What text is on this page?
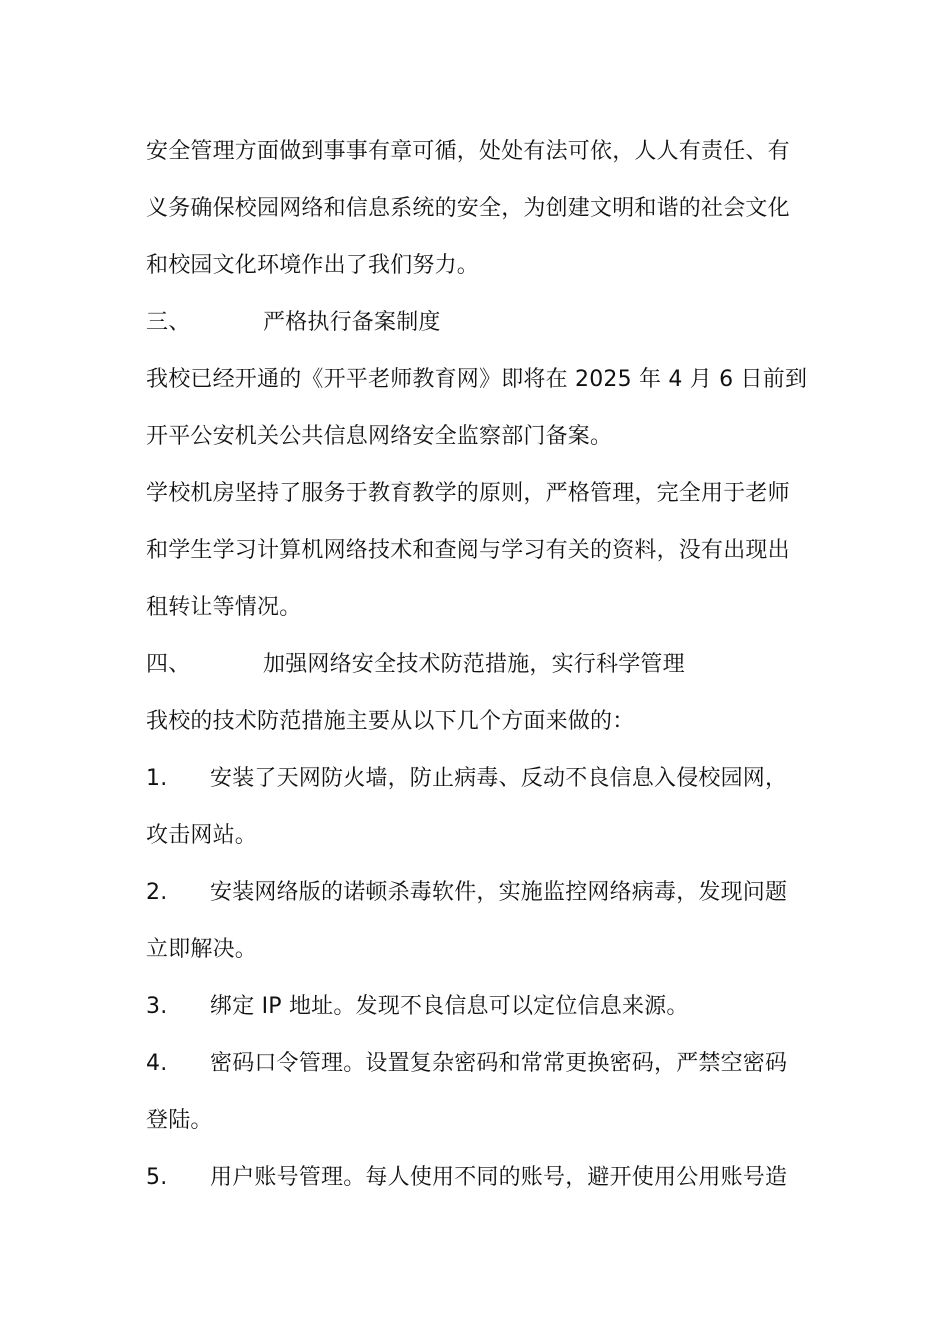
安全管理方面做到事事有章可循，处处有法可依，人人有责任、有
义务确保校园网络和信息系统的安全，为创建文明和谐的社会文化
和校园文化环境作出了我们努力。
三、	严格执行备案制度
我校已经开通的《开平老师教育网》即将在 2025 年 4 月 6 日前到
开平公安机关公共信息网络安全监察部门备案。
学校机房坚持了服务于教育教学的原则，严格管理，完全用于老师
和学生学习计算机网络技术和查阅与学习有关的资料，没有出现出
租转让等情况。
四、	加强网络安全技术防范措施，实行科学管理
我校的技术防范措施主要从以下几个方面来做的：
1. 安装了天网防火墙，防止病毒、反动不良信息入侵校园网，
攻击网站。
2. 安装网络版的诺顿杀毒软件，实施监控网络病毒，发现问题
立即解决。
3. 绑定 IP 地址。发现不良信息可以定位信息来源。
4. 密码口令管理。设置复杂密码和常常更换密码，严禁空密码
登陆。
5. 用户账号管理。每人使用不同的账号，避开使用公用账号造
